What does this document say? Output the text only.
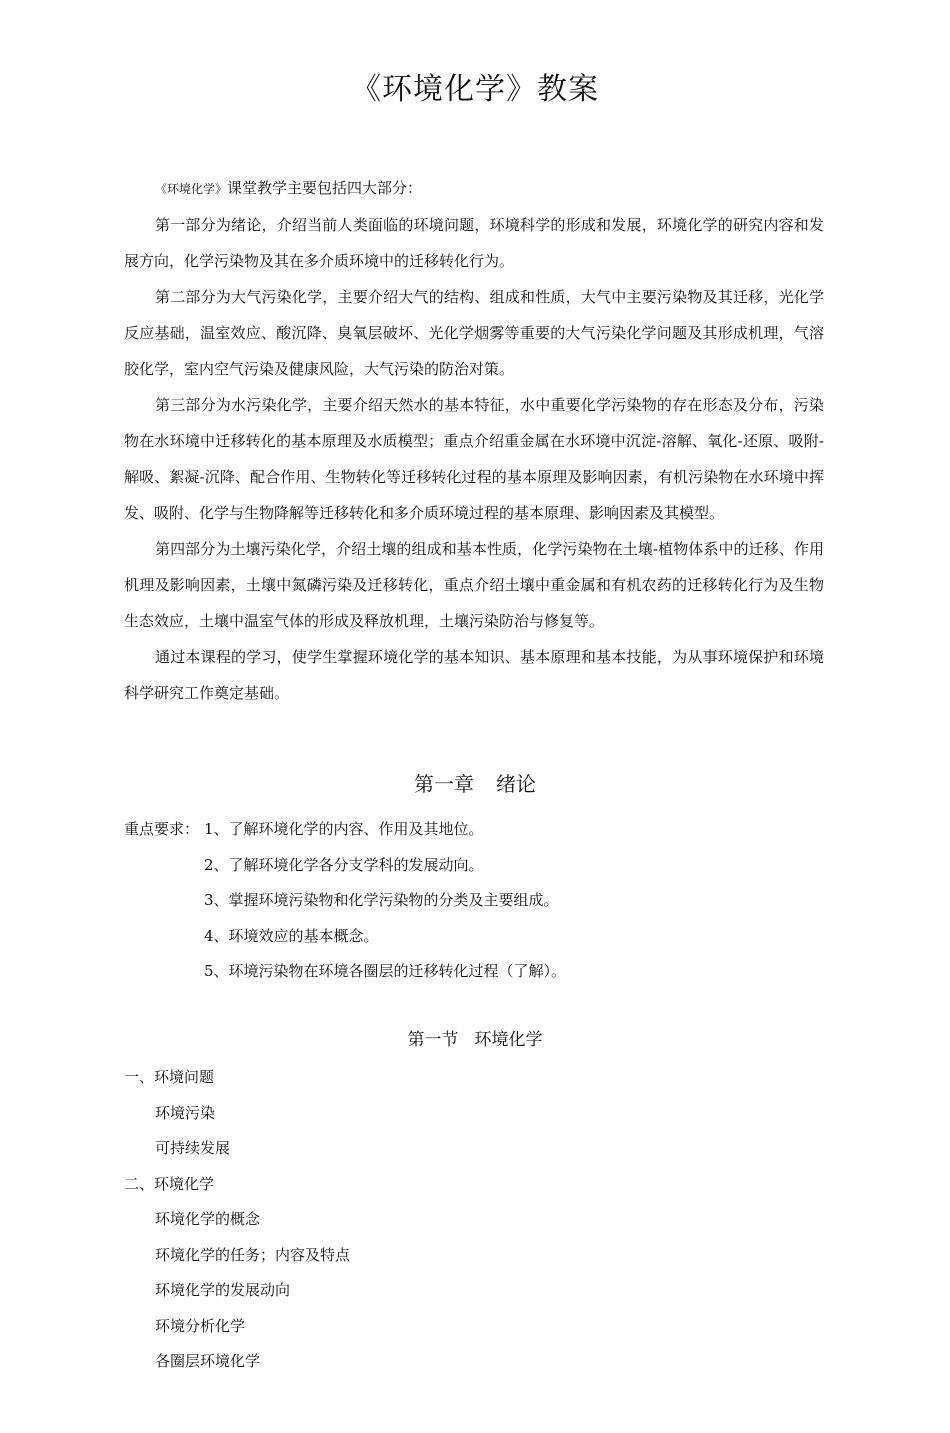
《环境化学》教案

《环境化学》课堂教学主要包括四大部分：

第一部分为绪论，介绍当前人类面临的环境问题，环境科学的形成和发展，环境化学的研究内容和发展方向，化学污染物及其在多介质环境中的迁移转化行为。

第二部分为大气污染化学，主要介绍大气的结构、组成和性质，大气中主要污染物及其迁移，光化学反应基础，温室效应、酸沉降、臭氧层破坏、光化学烟雾等重要的大气污染化学问题及其形成机理，气溶胶化学，室内空气污染及健康风险，大气污染的防治对策。

第三部分为水污染化学，主要介绍天然水的基本特征，水中重要化学污染物的存在形态及分布，污染物在水环境中迁移转化的基本原理及水质模型；重点介绍重金属在水环境中沉淀-溶解、氧化-还原、吸附-解吸、絮凝-沉降、配合作用、生物转化等迁移转化过程的基本原理及影响因素，有机污染物在水环境中挥发、吸附、化学与生物降解等迁移转化和多介质环境过程的基本原理、影响因素及其模型。

第四部分为土壤污染化学，介绍土壤的组成和基本性质，化学污染物在土壤-植物体系中的迁移、作用机理及影响因素，土壤中氮磷污染及迁移转化，重点介绍土壤中重金属和有机农药的迁移转化行为及生物生态效应，土壤中温室气体的形成及释放机理，土壤污染防治与修复等。

通过本课程的学习，使学生掌握环境化学的基本知识、基本原理和基本技能，为从事环境保护和环境科学研究工作奠定基础。

第一章 绪论
重点要求： 1、了解环境化学的内容、作用及其地位。
2、了解环境化学各分支学科的发展动向。
3、掌握环境污染物和化学污染物的分类及主要组成。
4、环境效应的基本概念。
5、环境污染物在环境各圈层的迁移转化过程（了解）。
第一节 环境化学
一、环境问题
环境污染
可持续发展
二、环境化学
环境化学的概念
环境化学的任务；内容及特点
环境化学的发展动向
环境分析化学
各圈层环境化学
